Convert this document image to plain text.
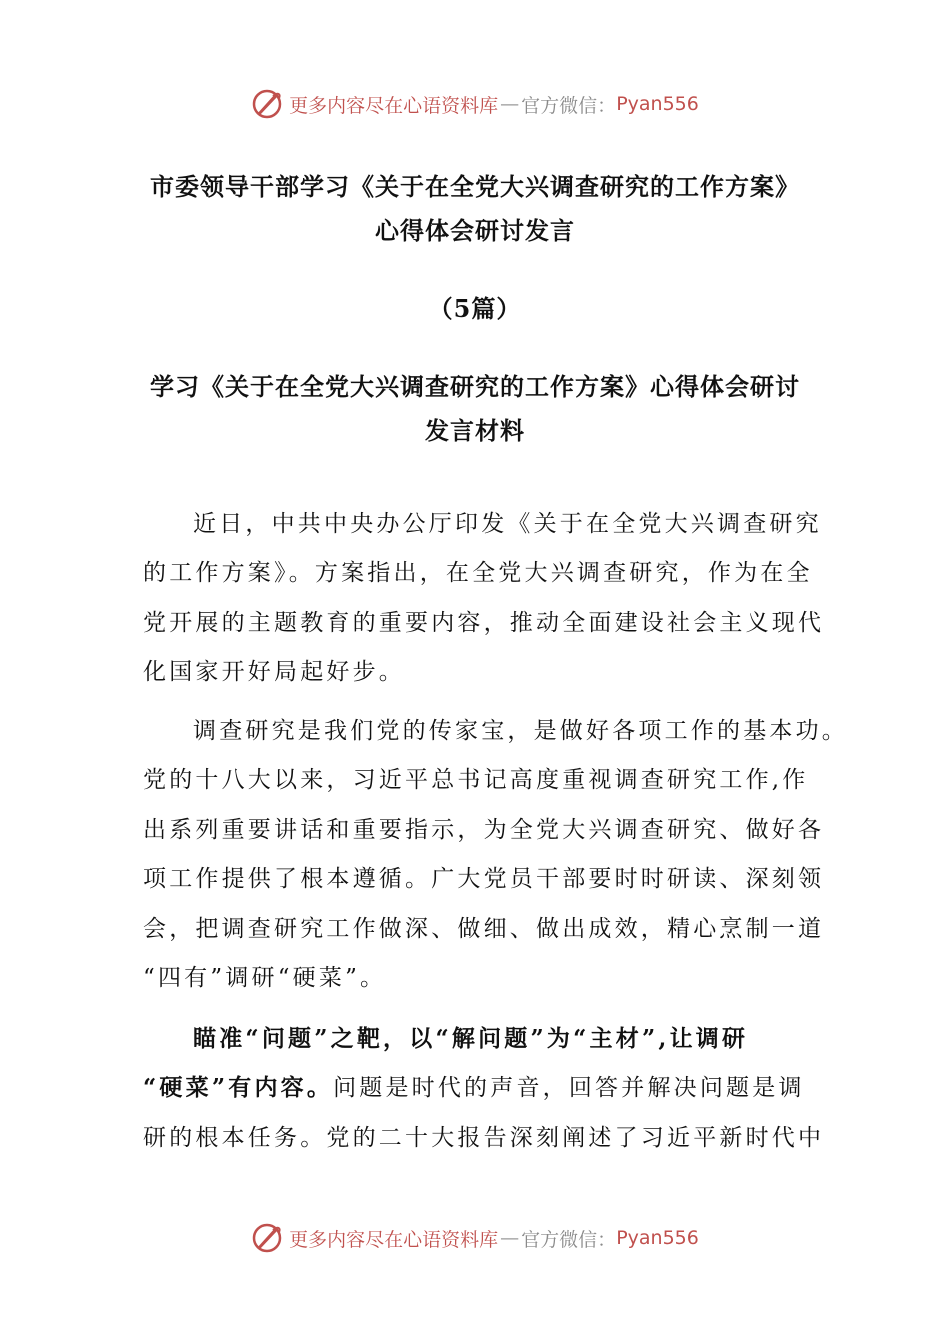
更多内容尽在心语资料库 — 官方微信： Pyan556
市委领导干部学习《关于在全党大兴调查研究的工作方案》
心得体会研讨发言
（5篇）
学习《关于在全党大兴调查研究的工作方案》心得体会研讨
发言材料

近日，中共中央办公厅印发《关于在全党大兴调查研究
的工作方案》。方案指出，在全党大兴调查研究，作为在全
党开展的主题教育的重要内容，推动全面建设社会主义现代
化国家开好局起好步。

调查研究是我们党的传家宝，是做好各项工作的基本功。
党的十八大以来，习近平总书记高度重视调查研究工作,作
出系列重要讲话和重要指示，为全党大兴调查研究、做好各
项工作提供了根本遵循。广大党员干部要时时研读、深刻领
会，把调查研究工作做深、做细、做出成效，精心烹制一道
“四有”调研“硬菜”。

瞄准“问题”之靶，以“解问题”为“主材”,让调研
“硬菜”有内容。问题是时代的声音，回答并解决问题是调
研的根本任务。党的二十大报告深刻阐述了习近平新时代中

更多内容尽在心语资料库 — 官方微信： Pyan556
